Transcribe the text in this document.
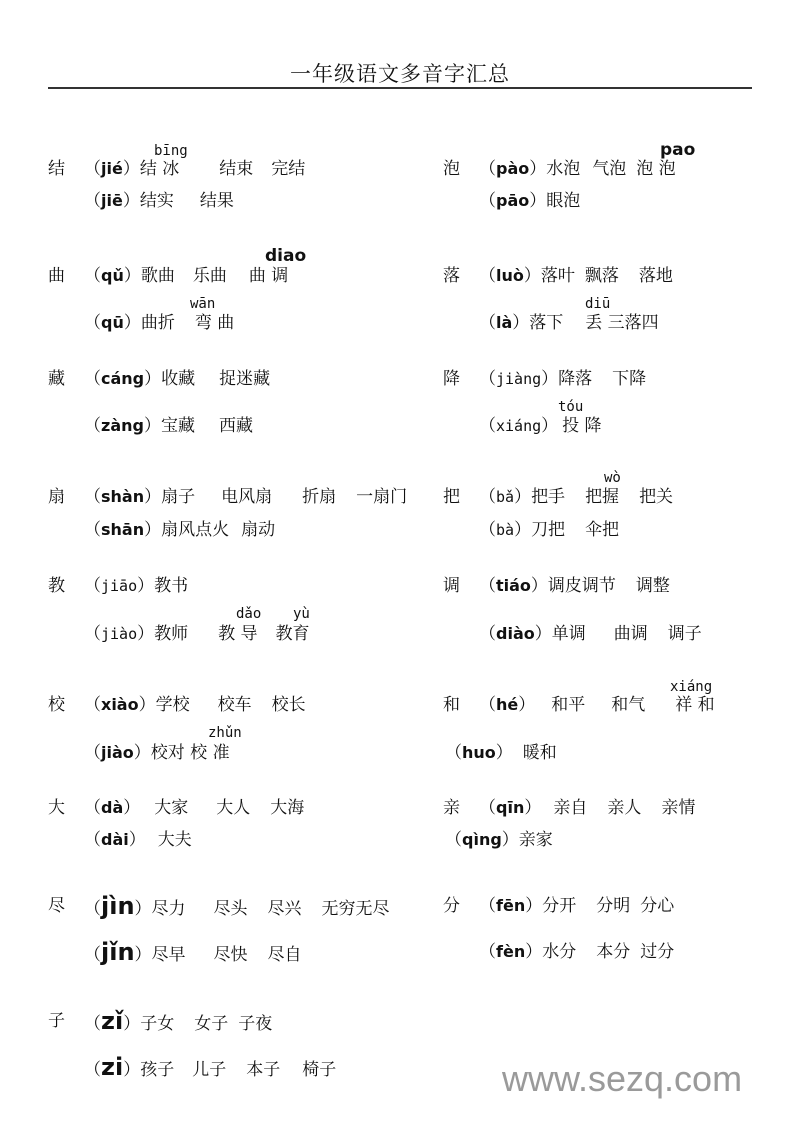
一年级语文多音字汇总
结
bīng
（jié）结 冰 结束 完结
（jiē）结实 结果
泡
pao
（pào）水泡 气泡 泡 泡
（pāo）眼泡
曲
diao
（qǔ）歌曲 乐曲 曲 调
wān
（qū）曲折 弯 曲
落 （luò）落叶 飘落 落地
diū
（là）落下 丢 三落四
藏 （cáng）收藏 捉迷藏
（zàng）宝藏 西藏
降 （jiàng）降落 下降
tóu
（xiáng） 投 降
扇 （shàn）扇子 电风扇 折扇 一扇门
（shān）扇风点火 扇动
把
wò
（bǎ）把手 把握 把关
（bà）刀把 伞把
教 （jiāo）教书
dǎo yù
（jiào）教师 教 导 教育
调 （tiáo）调皮调节 调整
（diào）单调 曲调 调子
校 （xiào）学校 校车 校长
zhǔn
（jiào）校对 校 准
和
xiáng
（hé） 和平 和气 祥 和
（huo） 暖和
大 （dà） 大家 大人 大海
（dài） 大夫
亲 （qīn） 亲自 亲人 亲情
（qìng）亲家
尽 （jìn）尽力 尽头 尽兴 无穷无尽
（jǐn）尽早 尽快 尽自
分 （fēn）分开 分明 分心
（fèn）水分 本分 过分
子 （zǐ）子女 女子 子夜
（zi）孩子 儿子 本子 椅子	www.sezq.com
